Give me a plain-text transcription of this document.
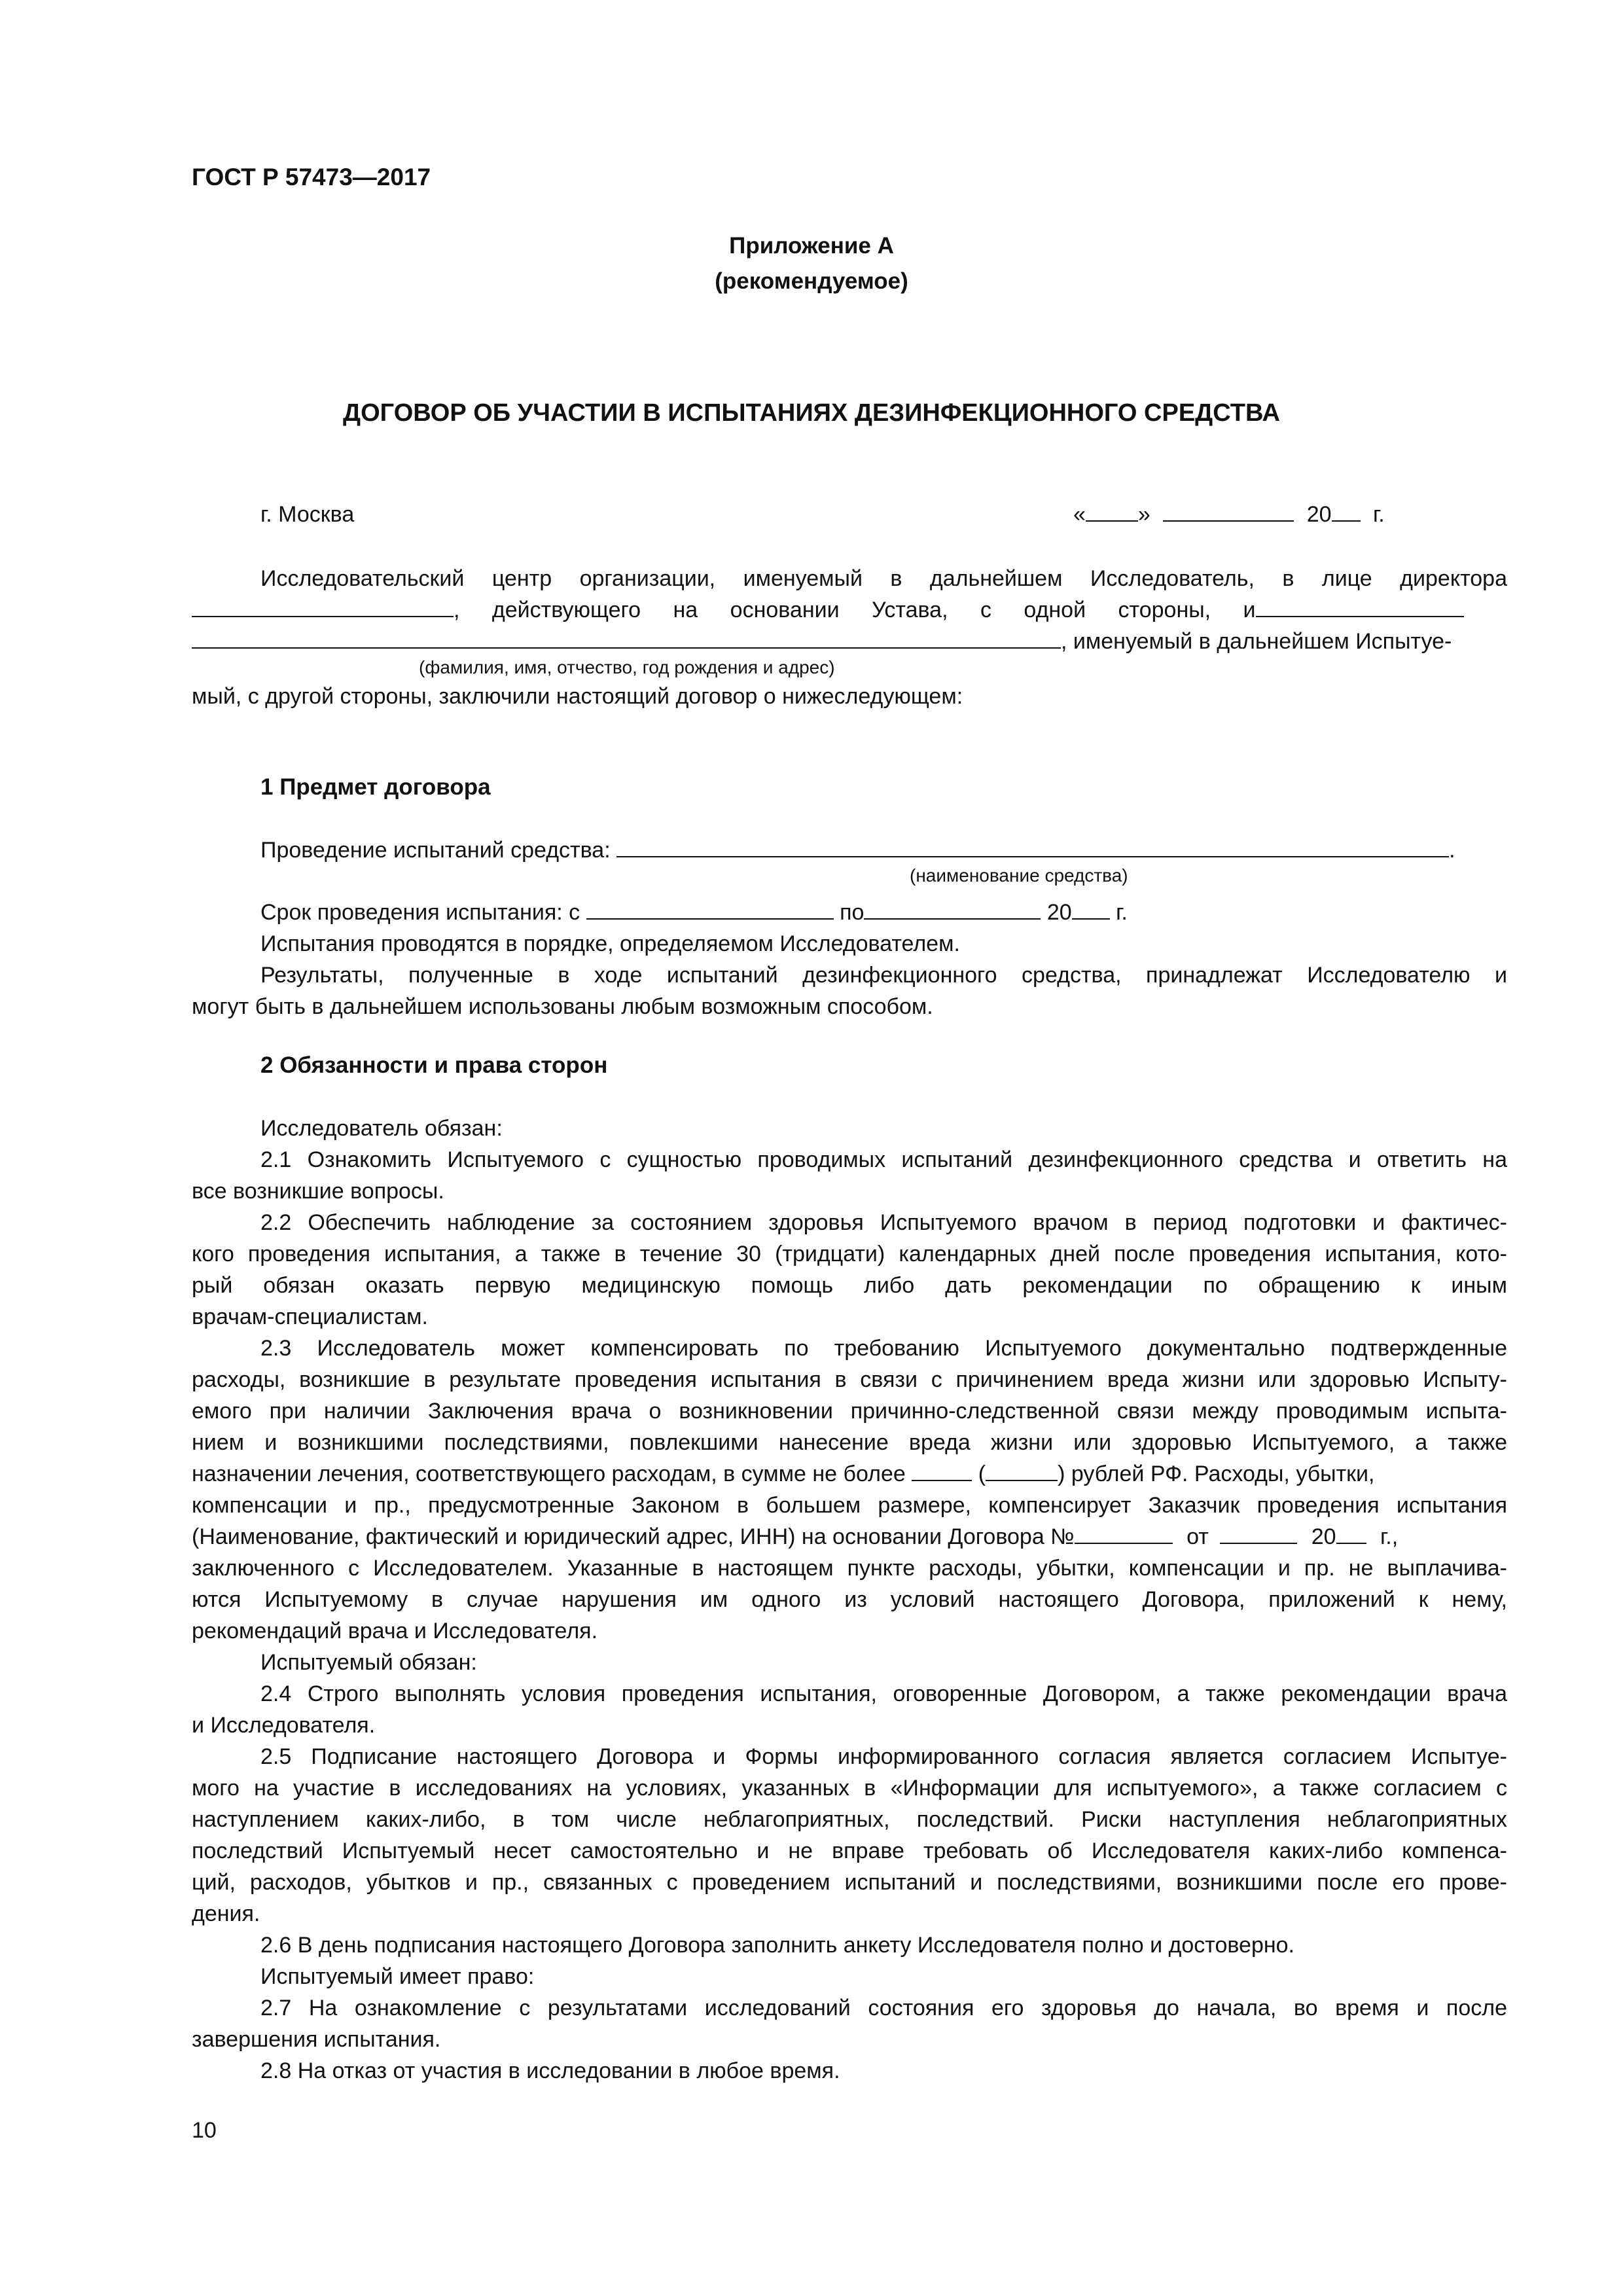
ГОСТ Р 57473—2017
Приложение А
(рекомендуемое)
ДОГОВОР ОБ УЧАСТИИ В ИСПЫТАНИЯХ ДЕЗИНФЕКЦИОННОГО СРЕДСТВА
г. Москва	« »	20 г.
Исследовательский центр организации, именуемый в дальнейшем Исследователь, в лице директора
, действующего на основании Устава, с одной стороны, и
, именуемый в дальнейшем Испытуе-
(фамилия, имя, отчество, год рождения и адрес)
мый, с другой стороны, заключили настоящий договор о нижеследующем:
1 Предмет договора
Проведение испытаний средства:	.
(наименование средства)
Срок проведения испытания: с	по	20 г.
Испытания проводятся в порядке, определяемом Исследователем.
Результаты, полученные в ходе испытаний дезинфекционного средства, принадлежат Исследователю и
могут быть в дальнейшем использованы любым возможным способом.
2 Обязанности и права сторон
Исследователь обязан:
2.1 Ознакомить Испытуемого с сущностью проводимых испытаний дезинфекционного средства и ответить на
все возникшие вопросы.
2.2 Обеспечить наблюдение за состоянием здоровья Испытуемого врачом в период подготовки и фактичес-
кого проведения испытания, а также в течение 30 (тридцати) календарных дней после проведения испытания, кото-
рый обязан оказать первую медицинскую помощь либо дать рекомендации по обращению к иным
врачам-специалистам.
2.3 Исследователь может компенсировать по требованию Испытуемого документально подтвержденные
расходы, возникшие в результате проведения испытания в связи с причинением вреда жизни или здоровью Испыту-
емого при наличии Заключения врача о возникновении причинно-следственной связи между проводимым испыта-
нием и возникшими последствиями, повлекшими нанесение вреда жизни или здоровью Испытуемого, а также
назначении лечения, соответствующего расходам, в сумме не более	(	) рублей РФ. Расходы, убытки,
компенсации и пр., предусмотренные Законом в большем размере, компенсирует Заказчик проведения испытания
(Наименование, фактический и юридический адрес, ИНН) на основании Договора №	от	20 г.,
заключенного с Исследователем. Указанные в настоящем пункте расходы, убытки, компенсации и пр. не выплачива-
ются Испытуемому в случае нарушения им одного из условий настоящего Договора, приложений к нему,
рекомендаций врача и Исследователя.
Испытуемый обязан:
2.4 Строго выполнять условия проведения испытания, оговоренные Договором, а также рекомендации врача
и Исследователя.
2.5 Подписание настоящего Договора и Формы информированного согласия является согласием Испытуе-
мого на участие в исследованиях на условиях, указанных в «Информации для испытуемого», а также согласием с
наступлением каких-либо, в том числе неблагоприятных, последствий. Риски наступления неблагоприятных
последствий Испытуемый несет самостоятельно и не вправе требовать об Исследователя каких-либо компенса-
ций, расходов, убытков и пр., связанных с проведением испытаний и последствиями, возникшими после его прове-
дения.
2.6 В день подписания настоящего Договора заполнить анкету Исследователя полно и достоверно.
Испытуемый имеет право:
2.7 На ознакомление с результатами исследований состояния его здоровья до начала, во время и после
завершения испытания.
2.8 На отказ от участия в исследовании в любое время.
10
